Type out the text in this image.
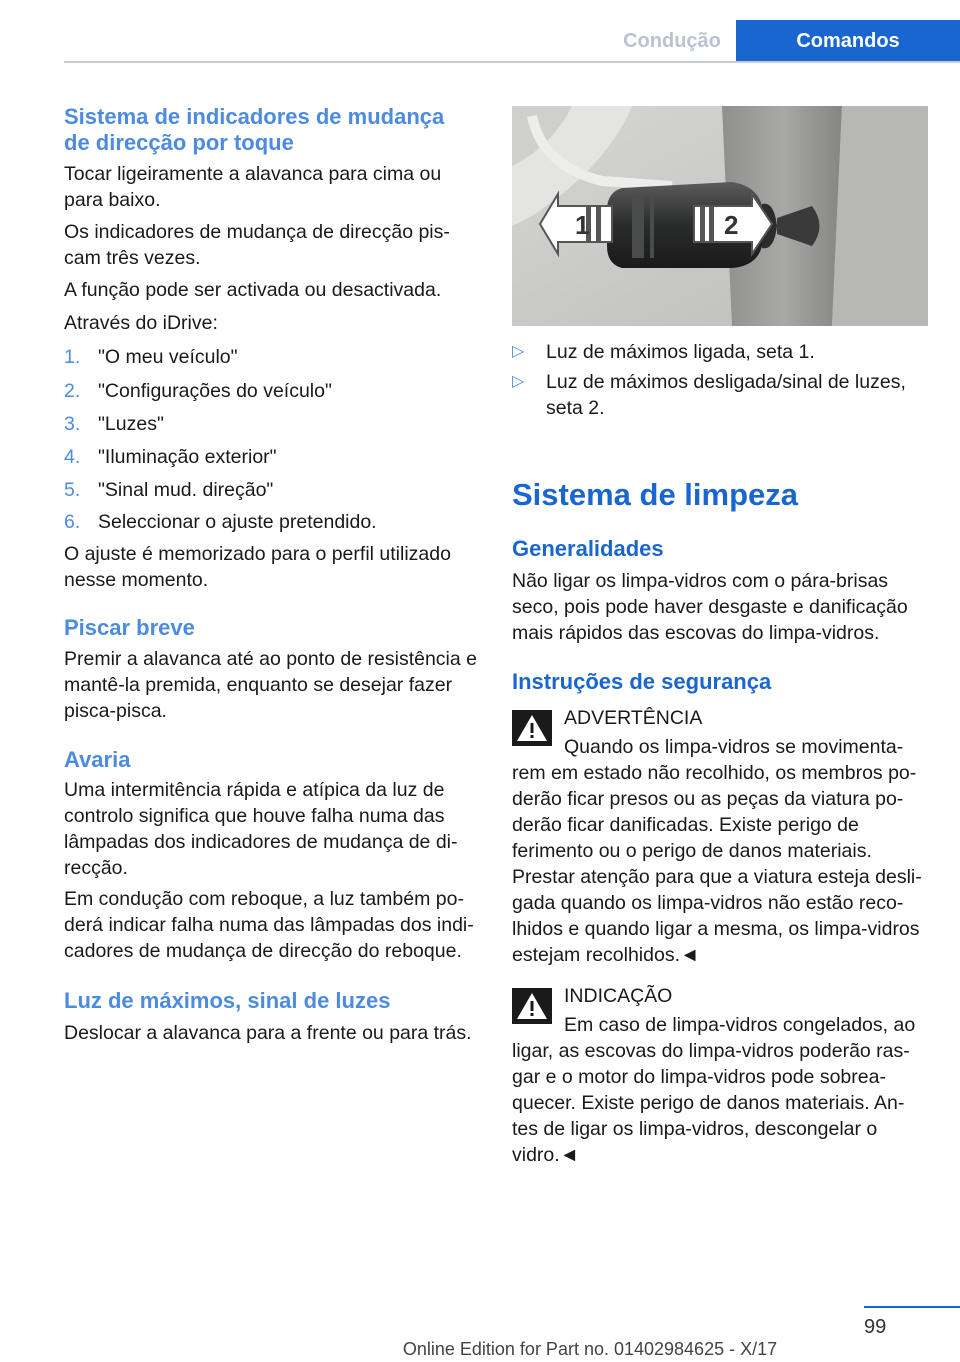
Condução	Comandos
Sistema de indicadores de mudança
de direcção por toque
Tocar ligeiramente a alavanca para cima ou
para baixo.
Os indicadores de mudança de direcção pis‐
cam três vezes.
A função pode ser activada ou desactivada.
Através do iDrive:
1. "O meu veículo"
2. "Configurações do veículo"
3. "Luzes"
4. "Iluminação exterior"
5. "Sinal mud. direção"
6. Seleccionar o ajuste pretendido.
O ajuste é memorizado para o perfil utilizado
nesse momento.
Piscar breve
Premir a alavanca até ao ponto de resistência e
mantê-la premida, enquanto se desejar fazer
pisca-pisca.
Avaria
Uma intermitência rápida e atípica da luz de
controlo significa que houve falha numa das
lâmpadas dos indicadores de mudança de di‐
recção.
Em condução com reboque, a luz também po‐
derá indicar falha numa das lâmpadas dos indi‐
cadores de mudança de direcção do reboque.
Luz de máximos, sinal de luzes
Deslocar a alavanca para a frente ou para trás.
1	2
▷ Luz de máximos ligada, seta 1.
▷ Luz de máximos desligada/sinal de luzes,
seta 2.
Sistema de limpeza
Generalidades
Não ligar os limpa-vidros com o pára-brisas
seco, pois pode haver desgaste e danificação
mais rápidos das escovas do limpa-vidros.
Instruções de segurança
ADVERTÊNCIA
Quando os limpa-vidros se movimenta‐
rem em estado não recolhido, os membros po‐
derão ficar presos ou as peças da viatura po‐
derão ficar danificadas. Existe perigo de
ferimento ou o perigo de danos materiais.
Prestar atenção para que a viatura esteja desli‐
gada quando os limpa-vidros não estão reco‐
lhidos e quando ligar a mesma, os limpa-vidros
estejam recolhidos.◄
INDICAÇÃO
Em caso de limpa-vidros congelados, ao
ligar, as escovas do limpa-vidros poderão ras‐
gar e o motor do limpa-vidros pode sobrea‐
quecer. Existe perigo de danos materiais. An‐
tes de ligar os limpa-vidros, descongelar o
vidro.◄
99
Online Edition for Part no. 01402984625 - X/17
